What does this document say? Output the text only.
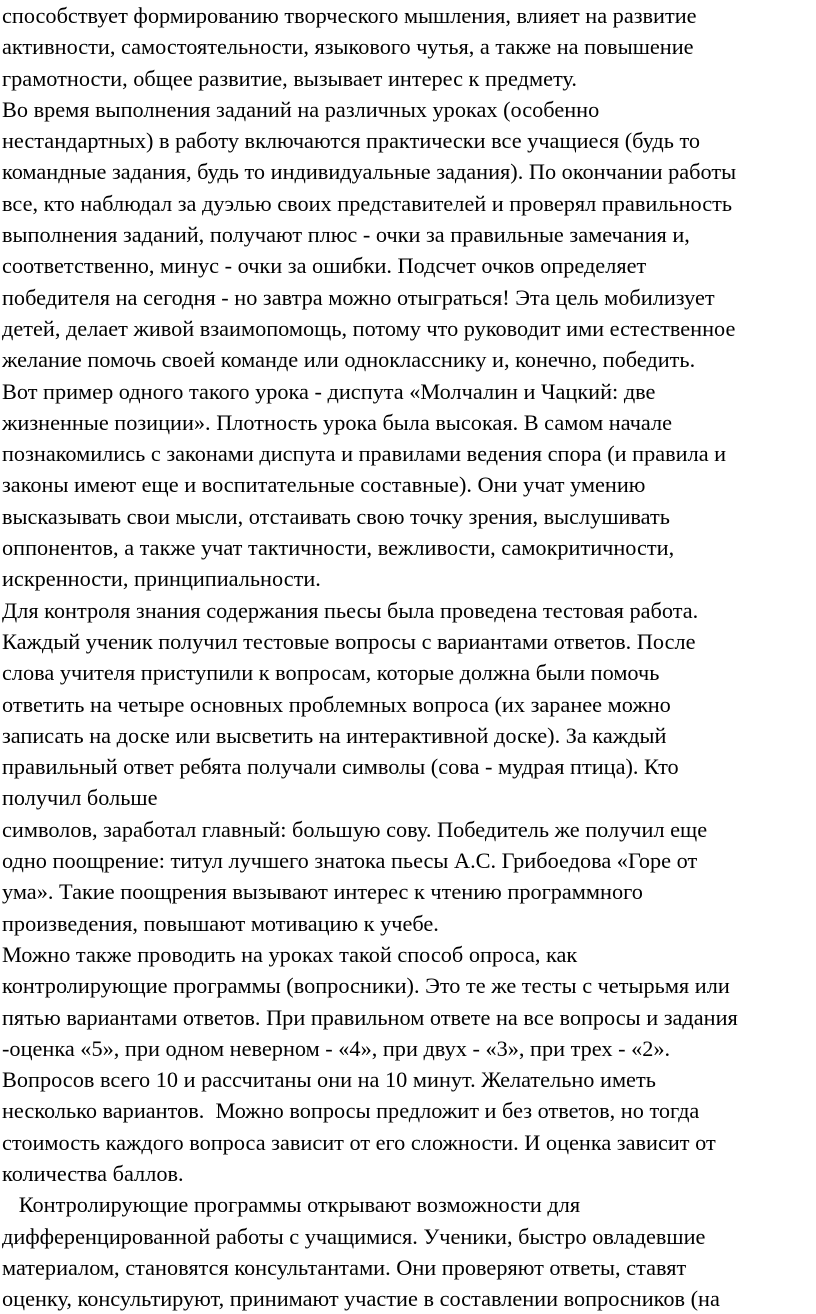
способствует формированию творческого мышления, влияет на развитие
активности, самостоятельности, языкового чутья, а также на повышение
грамотности, общее развитие, вызывает интерес к предмету.
Во время выполнения заданий на различных уроках (особенно
нестандартных) в работу включаются практически все учащиеся (будь то
командные задания, будь то индивидуальные задания). По окончании работы
все, кто наблюдал за дуэлью своих представителей и проверял правильность
выполнения заданий, получают плюс - очки за правильные замечания и,
соответственно, минус - очки за ошибки. Подсчет очков определяет
победителя на сегодня - но завтра можно отыграться! Эта цель мобилизует
детей, делает живой взаимопомощь, потому что руководит ими естественное
желание помочь своей команде или однокласснику и, конечно, победить.
Вот пример одного такого урока - диспута «Молчалин и Чацкий: две
жизненные позиции». Плотность урока была высокая. В самом начале
познакомились с законами диспута и правилами ведения спора (и правила и
законы имеют еще и воспитательные составные). Они учат умению
высказывать свои мысли, отстаивать свою точку зрения, выслушивать
оппонентов, а также учат тактичности, вежливости, самокритичности,
искренности, принципиальности.
Для контроля знания содержания пьесы была проведена тестовая работа.
Каждый ученик получил тестовые вопросы с вариантами ответов. После
слова учителя приступили к вопросам, которые должна были помочь
ответить на четыре основных проблемных вопроса (их заранее можно
записать на доске или высветить на интерактивной доске). За каждый
правильный ответ ребята получали символы (сова - мудрая птица). Кто
получил больше
символов, заработал главный: большую сову. Победитель же получил еще
одно поощрение: титул лучшего знатока пьесы А.С. Грибоедова «Горе от
ума». Такие поощрения вызывают интерес к чтению программного
произведения, повышают мотивацию к учебе.
Можно также проводить на уроках такой способ опроса, как
контролирующие программы (вопросники). Это те же тесты с четырьмя или
пятью вариантами ответов. При правильном ответе на все вопросы и задания
-оценка «5», при одном неверном - «4», при двух - «3», при трех - «2».
Вопросов всего 10 и рассчитаны они на 10 минут. Желательно иметь
несколько вариантов.  Можно вопросы предложит и без ответов, но тогда
стоимость каждого вопроса зависит от его сложности. И оценка зависит от
количества баллов.
Контролирующие программы открывают возможности для
дифференцированной работы с учащимися. Ученики, быстро овладевшие
материалом, становятся консультантами. Они проверяют ответы, ставят
оценку, консультируют, принимают участие в составлении вопросников (на
